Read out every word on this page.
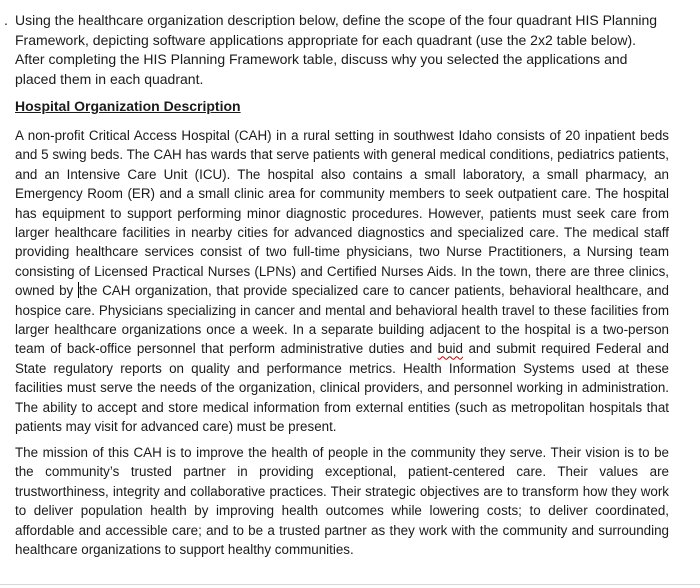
. Using the healthcare organization description below, define the scope of the four quadrant HIS Planning Framework, depicting software applications appropriate for each quadrant (use the 2x2 table below). After completing the HIS Planning Framework table, discuss why you selected the applications and placed them in each quadrant.

Hospital Organization Description

A non-profit Critical Access Hospital (CAH) in a rural setting in southwest Idaho consists of 20 inpatient beds and 5 swing beds. The CAH has wards that serve patients with general medical conditions, pediatrics patients, and an Intensive Care Unit (ICU). The hospital also contains a small laboratory, a small pharmacy, an Emergency Room (ER) and a small clinic area for community members to seek outpatient care. The hospital has equipment to support performing minor diagnostic procedures. However, patients must seek care from larger healthcare facilities in nearby cities for advanced diagnostics and specialized care. The medical staff providing healthcare services consist of two full-time physicians, two Nurse Practitioners, a Nursing team consisting of Licensed Practical Nurses (LPNs) and Certified Nurses Aids. In the town, there are three clinics, owned by the CAH organization, that provide specialized care to cancer patients, behavioral healthcare, and hospice care. Physicians specializing in cancer and mental and behavioral health travel to these facilities from larger healthcare organizations once a week. In a separate building adjacent to the hospital is a two-person team of back-office personnel that perform administrative duties and buid and submit required Federal and State regulatory reports on quality and performance metrics. Health Information Systems used at these facilities must serve the needs of the organization, clinical providers, and personnel working in administration. The ability to accept and store medical information from external entities (such as metropolitan hospitals that patients may visit for advanced care) must be present.

The mission of this CAH is to improve the health of people in the community they serve. Their vision is to be the community’s trusted partner in providing exceptional, patient-centered care. Their values are trustworthiness, integrity and collaborative practices. Their strategic objectives are to transform how they work to deliver population health by improving health outcomes while lowering costs; to deliver coordinated, affordable and accessible care; and to be a trusted partner as they work with the community and surrounding healthcare organizations to support healthy communities.
